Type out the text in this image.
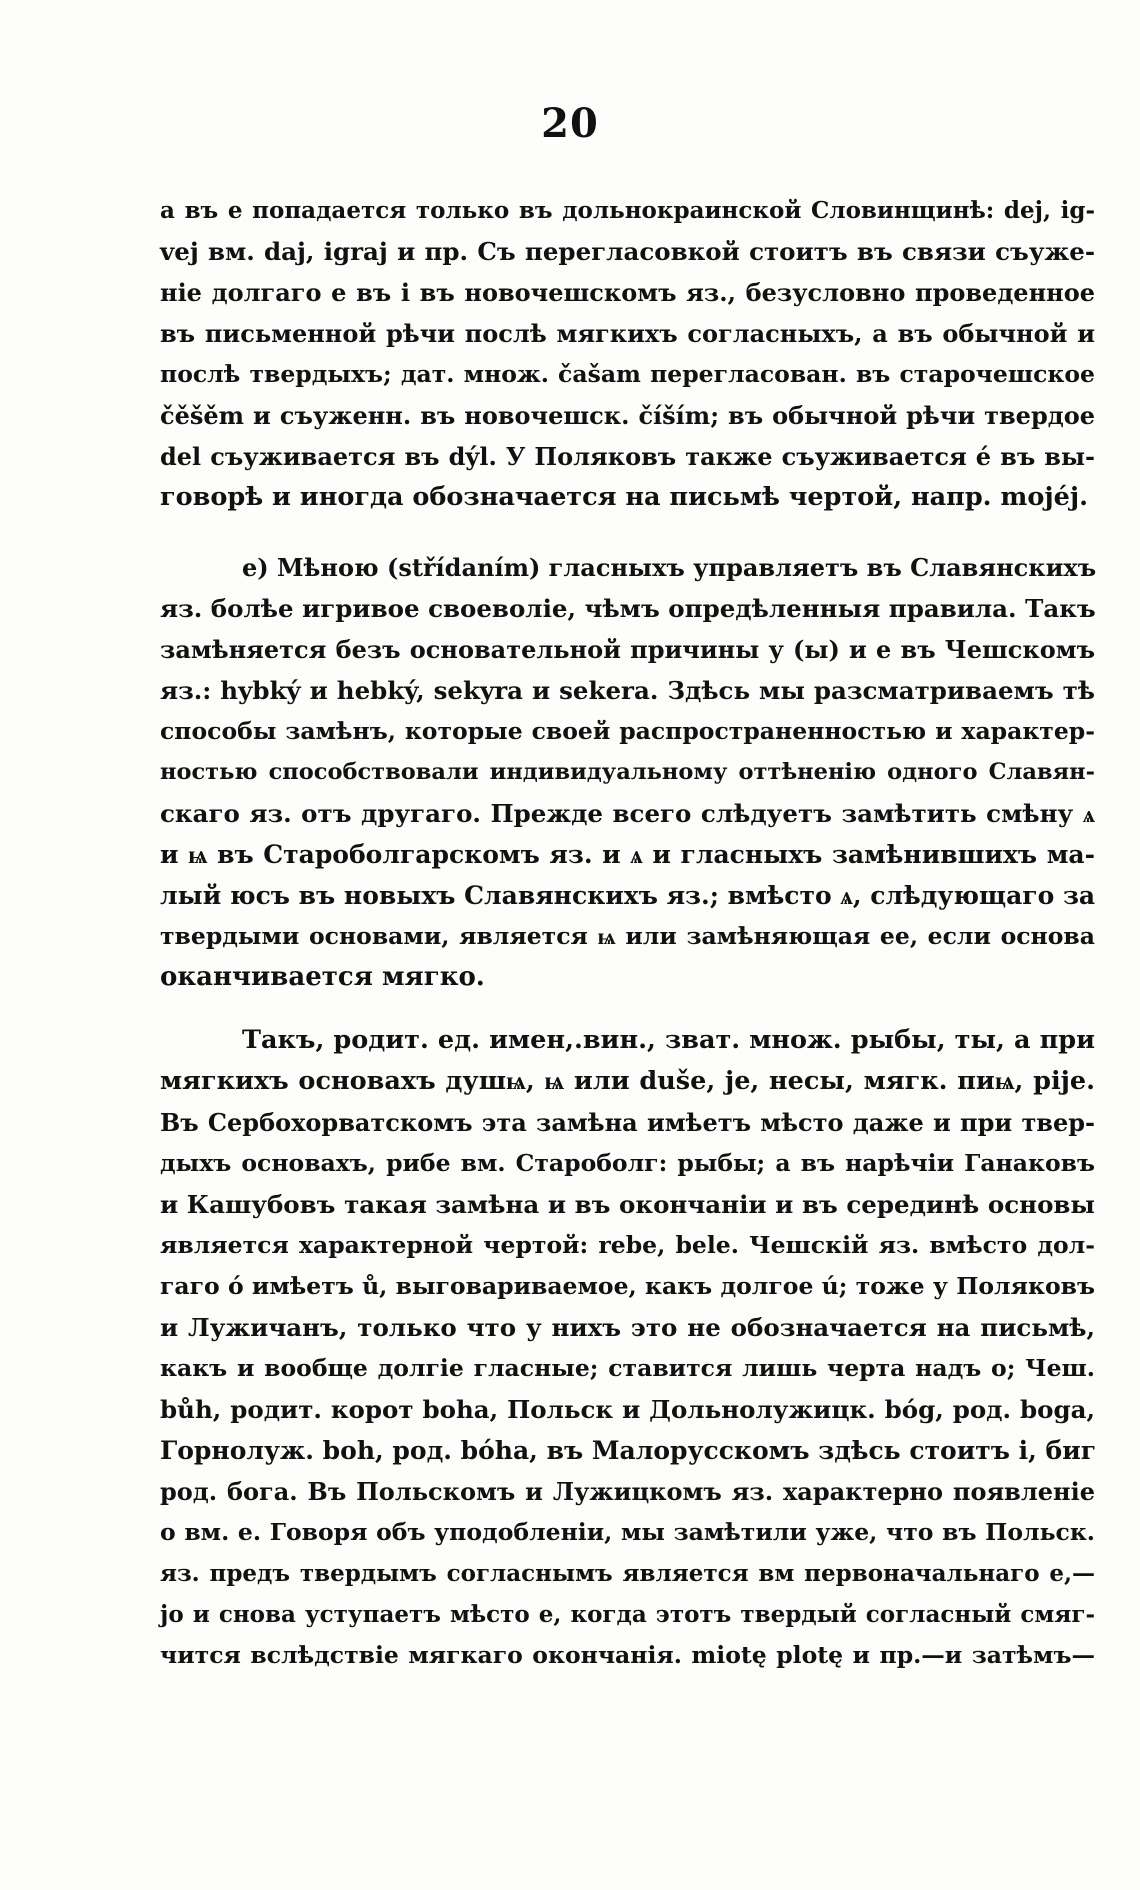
20
а въ е попадается только въ дольнокраинской Словинщинѣ: dej, ig-
vej вм. daj, igraj и пр. Съ перегласовкой стоитъ въ связи съуже-
ніе долгаго е въ і въ новочешскомъ яз., безусловно проведенное
въ письменной рѣчи послѣ мягкихъ согласныхъ, а въ обычной и
послѣ твердыхъ; дат. множ. čašam перегласован. въ старочешское
čěšěm и съуженн. въ новочешск. číším; въ обычной рѣчи твердое
del съуживается въ dýl. У Поляковъ также съуживается é въ вы-
говорѣ и иногда обозначается на письмѣ чертой, напр. mojéj.
е) Мѣною (střídaním) гласныхъ управляетъ въ Славянскихъ
яз. болѣе игривое своеволіе, чѣмъ опредѣленныя правила. Такъ
замѣняется безъ основательной причины у (ы) и е въ Чешскомъ
яз.: hybký и hebký, sekyra и sekera. Здѣсь мы разсматриваемъ тѣ
способы замѣнъ, которые своей распространенностью и характер-
ностью способствовали индивидуальному оттѣненію одного Славян-
скаго яз. отъ другаго. Прежде всего слѣдуетъ замѣтить смѣну ѧ
и ѩ въ Староболгарскомъ яз. и ѧ и гласныхъ замѣнившихъ ма-
лый юсъ въ новыхъ Славянскихъ яз.; вмѣсто ѧ, слѣдующаго за
твердыми основами, является ѩ или замѣняющая ее, если основа
оканчивается мягко.
Такъ, родит. ед. имен,.вин., зват. множ. рыбы, ты, а при
мягкихъ основахъ душѩ, ѩ или duše, je, несы, мягк. пиѩ, pije.
Въ Сербохорватскомъ эта замѣна имѣетъ мѣсто даже и при твер-
дыхъ основахъ, рибе вм. Староболг: рыбы; а въ нарѣчіи Ганаковъ
и Кашубовъ такая замѣна и въ окончаніи и въ серединѣ основы
является характерной чертой: rebe, bele. Чешскій яз. вмѣсто дол-
гаго ó имѣетъ ů, выговариваемое, какъ долгое ú; тоже у Поляковъ
и Лужичанъ, только что у нихъ это не обозначается на письмѣ,
какъ и вообще долгіе гласные; ставится лишь черта надъ о; Чеш.
bůh, родит. корот boha, Польск и Дольнолужицк. bóg, род. boga,
Горнолуж. boh, род. bóha, въ Малорусскомъ здѣсь стоитъ і, биг
род. бога. Въ Польскомъ и Лужицкомъ яз. характерно появленіе
о вм. е. Говоря объ уподобленіи, мы замѣтили уже, что въ Польск.
яз. предъ твердымъ согласнымъ является вм первоначальнаго е,—
jo и снова уступаетъ мѣсто е, когда этотъ твердый согласный смяг-
чится вслѣдствіе мягкаго окончанія. miotę plotę и пр.—и затѣмъ—
